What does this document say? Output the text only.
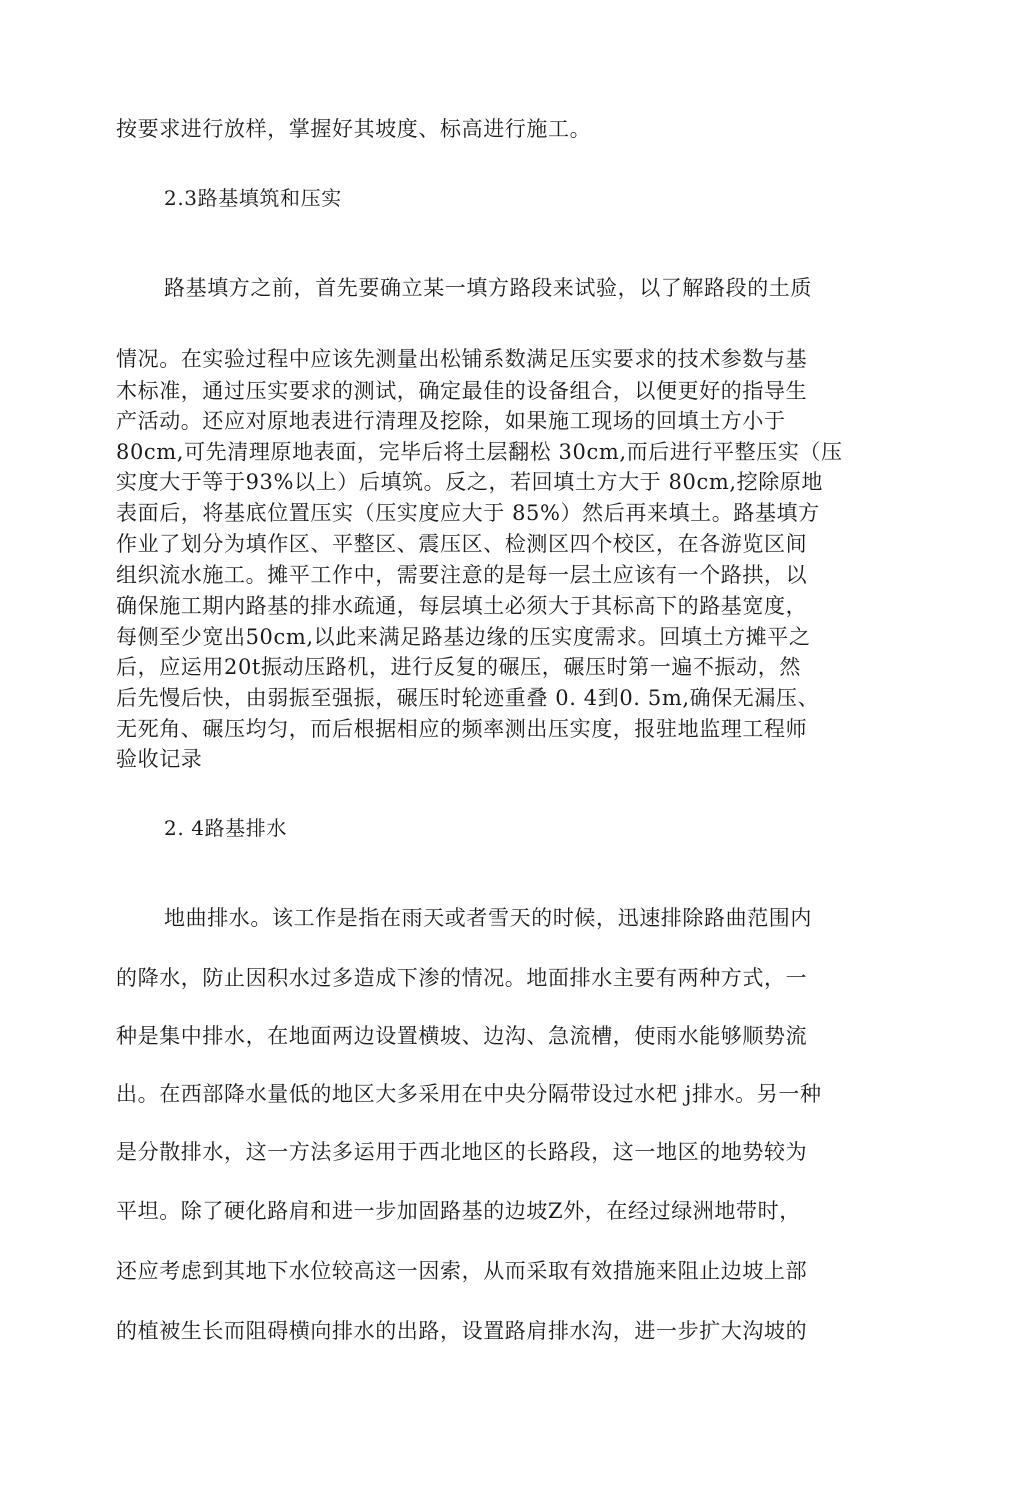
按要求进行放样，掌握好其坡度、标高进行施工。
2.3路基填筑和压实
路基填方之前，首先要确立某一填方路段来试验，以了解路段的土质
情况。在实验过程中应该先测量出松铺系数满足压实要求的技术参数与基
木标准，通过压实要求的测试，确定最佳的设备组合，以便更好的指导生
产活动。还应对原地表进行清理及挖除，如果施工现场的回填土方小于
80cm,可先清理原地表面，完毕后将土层翻松 30cm,而后进行平整压实（压
实度大于等于93%以上）后填筑。反之，若回填土方大于 80cm,挖除原地
表面后，将基底位置压实（压实度应大于 85%）然后再来填土。路基填方
作业了划分为填作区、平整区、震压区、检测区四个校区，在各游览区间
组织流水施工。摊平工作中，需要注意的是每一层土应该有一个路拱，以
确保施工期内路基的排水疏通，每层填土必须大于其标高下的路基宽度，
每侧至少宽出50cm,以此来满足路基边缘的压实度需求。回填土方摊平之
后，应运用20t振动压路机，进行反复的碾压，碾压时第一遍不振动，然
后先慢后快，由弱振至强振，碾压时轮迹重叠 0. 4到0. 5m,确保无漏压、
无死角、碾压均匀，而后根据相应的频率测出压实度，报驻地监理工程师
验收记录
2. 4路基排水
地曲排水。该工作是指在雨天或者雪天的时候，迅速排除路曲范围内
的降水，防止因积水过多造成下渗的情况。地面排水主要有两种方式，一
种是集中排水，在地面两边设置横坡、边沟、急流槽，使雨水能够顺势流
出。在西部降水量低的地区大多采用在中央分隔带设过水杷 j排水。另一种
是分散排水，这一方法多运用于西北地区的长路段，这一地区的地势较为
平坦。除了硬化路肩和进一步加固路基的边坡Z外，在经过绿洲地带时，
还应考虑到其地下水位较高这一因索，从而采取有效措施来阻止边坡上部
的植被生长而阻碍横向排水的出路，设置路肩排水沟，进一步扩大沟坡的
